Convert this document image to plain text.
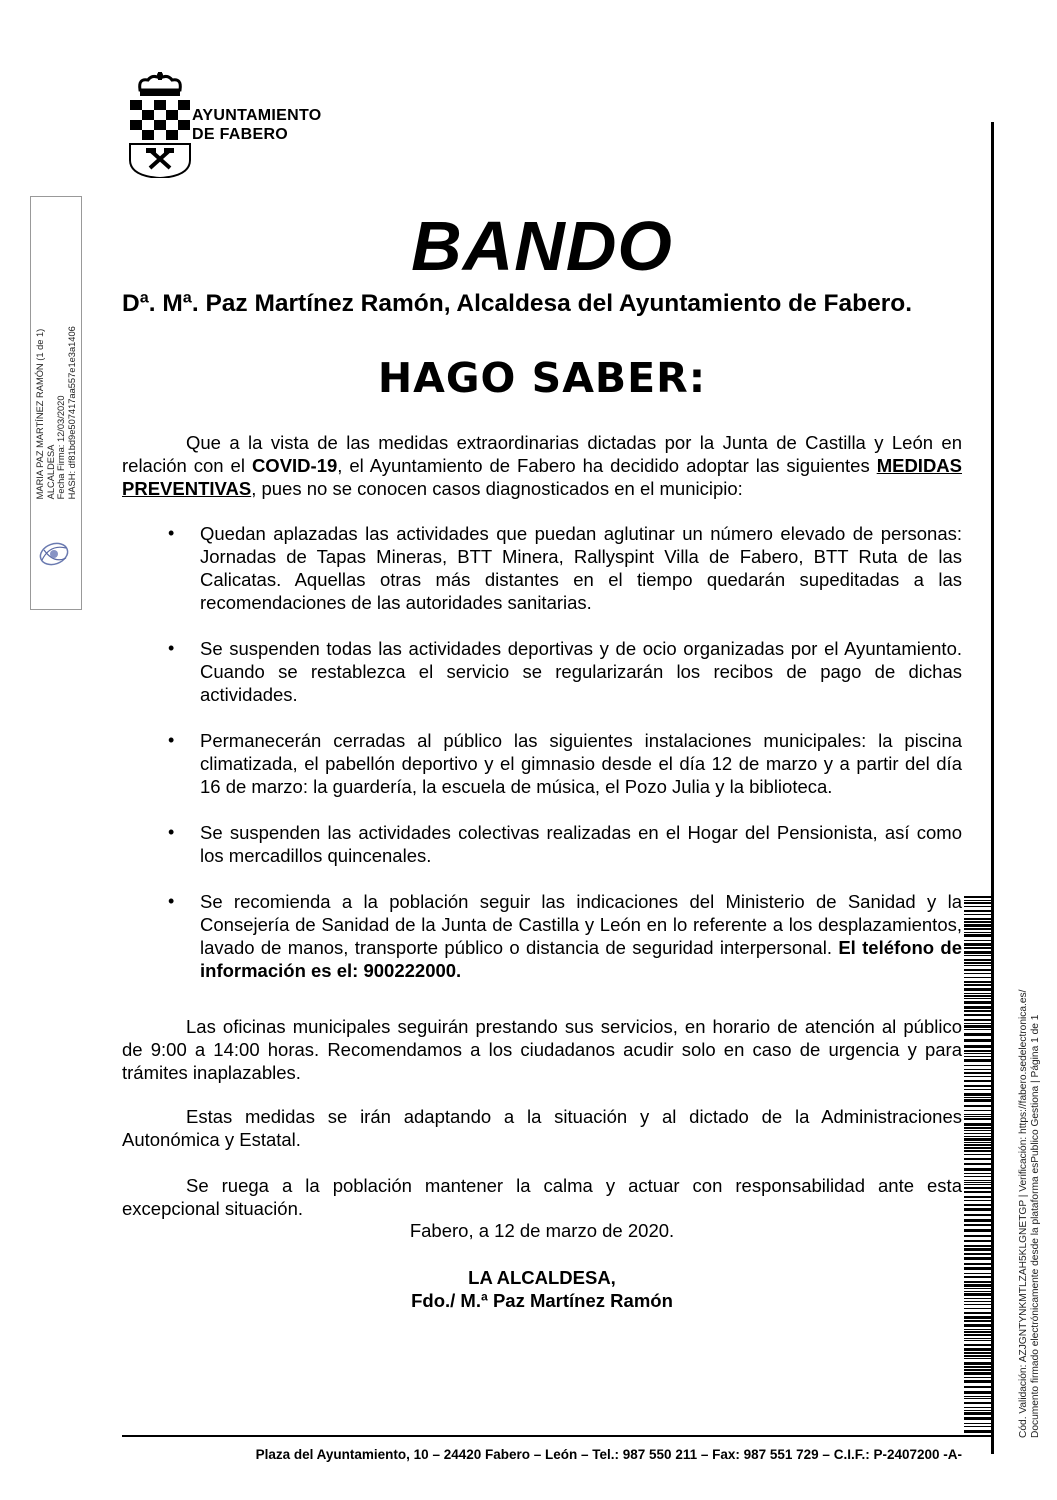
AYUNTAMIENTO
DE FABERO
MARIA PAZ MARTÍNEZ RAMÓN (1 de 1) ALCALDESA Fecha Firma: 12/03/2020 HASH: df81bd9e507417aa557e1e3a1406
BANDO
Dª. Mª. Paz Martínez Ramón, Alcaldesa del Ayuntamiento de Fabero.
HAGO SABER:
Que a la vista de las medidas extraordinarias dictadas por la Junta de Castilla y León en relación con el COVID-19, el Ayuntamiento de Fabero ha decidido adoptar las siguientes MEDIDAS PREVENTIVAS, pues no se conocen casos diagnosticados en el municipio:
• Quedan aplazadas las actividades que puedan aglutinar un número elevado de personas: Jornadas de Tapas Mineras, BTT Minera, Rallyspint Villa de Fabero, BTT Ruta de las Calicatas. Aquellas otras más distantes en el tiempo quedarán supeditadas a las recomendaciones de las autoridades sanitarias.
• Se suspenden todas las actividades deportivas y de ocio organizadas por el Ayuntamiento. Cuando se restablezca el servicio se regularizarán los recibos de pago de dichas actividades.
• Permanecerán cerradas al público las siguientes instalaciones municipales: la piscina climatizada, el pabellón deportivo y el gimnasio desde el día 12 de marzo y a partir del día 16 de marzo: la guardería, la escuela de música, el Pozo Julia y la biblioteca.
• Se suspenden las actividades colectivas realizadas en el Hogar del Pensionista, así como los mercadillos quincenales.
• Se recomienda a la población seguir las indicaciones del Ministerio de Sanidad y la Consejería de Sanidad de la Junta de Castilla y León en lo referente a los desplazamientos, lavado de manos, transporte público o distancia de seguridad interpersonal. El teléfono de información es el: 900222000.
Las oficinas municipales seguirán prestando sus servicios, en horario de atención al público de 9:00 a 14:00 horas. Recomendamos a los ciudadanos acudir solo en caso de urgencia y para trámites inaplazables.
Estas medidas se irán adaptando a la situación y al dictado de la Administraciones Autonómica y Estatal.
Se ruega a la población mantener la calma y actuar con responsabilidad ante esta excepcional situación.
Fabero, a 12 de marzo de 2020.
LA ALCALDESA,
Fdo./ M.ª Paz Martínez Ramón
Plaza del Ayuntamiento, 10 – 24420 Fabero – León – Tel.: 987 550 211 – Fax: 987 551 729 – C.I.F.: P-2407200 -A-
Cód. Validación: AZJGNTYNKMTLZAH5KLGNETGP | Verificación: https://fabero.sedelectronica.es/ Documento firmado electrónicamente desde la plataforma esPublico Gestiona | Página 1 de 1
